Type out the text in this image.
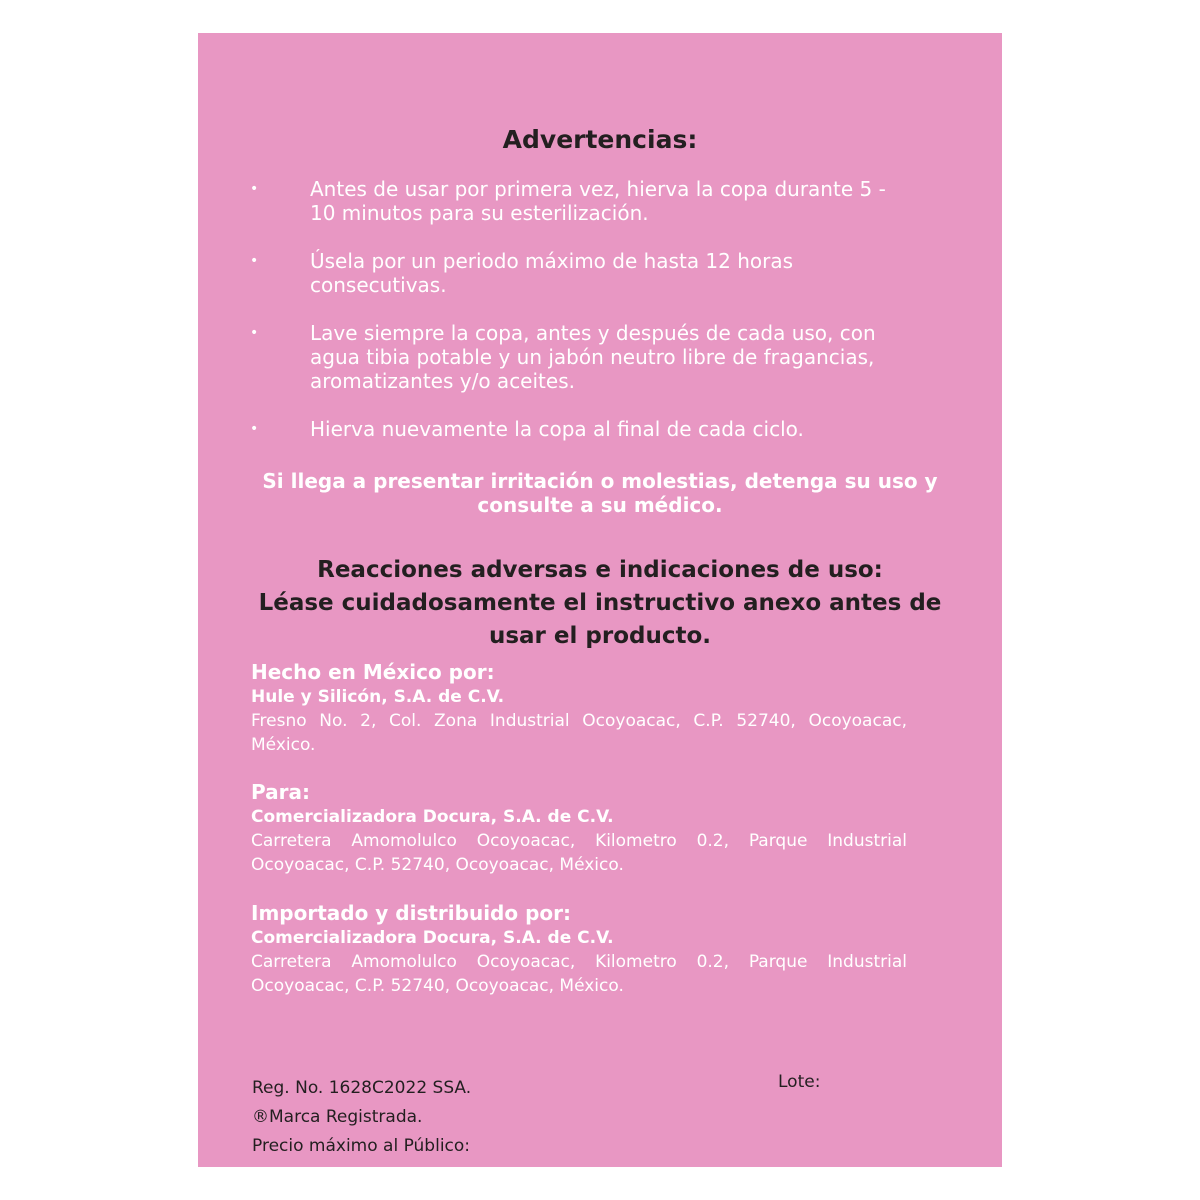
Advertencias:
•	Antes de usar por primera vez, hierva la copa durante 5 - 10 minutos para su esterilización.
•	Úsela por un periodo máximo de hasta 12 horas consecutivas.
•	Lave siempre la copa, antes y después de cada uso, con agua tibia potable y un jabón neutro libre de fragancias, aromatizantes y/o aceites.
•	Hierva nuevamente la copa al final de cada ciclo.

Si llega a presentar irritación o molestias, detenga su uso y consulte a su médico.

Reacciones adversas e indicaciones de uso:
Léase cuidadosamente el instructivo anexo antes de usar el producto.
Hecho en México por:
Hule y Silicón, S.A. de C.V.
Fresno No. 2, Col. Zona Industrial Ocoyoacac, C.P. 52740, Ocoyoacac, México.
Para:
Comercializadora Docura, S.A. de C.V.
Carretera Amomolulco Ocoyoacac, Kilometro 0.2, Parque Industrial Ocoyoacac, C.P. 52740, Ocoyoacac, México.
Importado y distribuido por:
Comercializadora Docura, S.A. de C.V.
Carretera Amomolulco Ocoyoacac, Kilometro 0.2, Parque Industrial Ocoyoacac, C.P. 52740, Ocoyoacac, México.
Reg. No. 1628C2022 SSA.
®Marca Registrada.
Precio máximo al Público:
Lote:
